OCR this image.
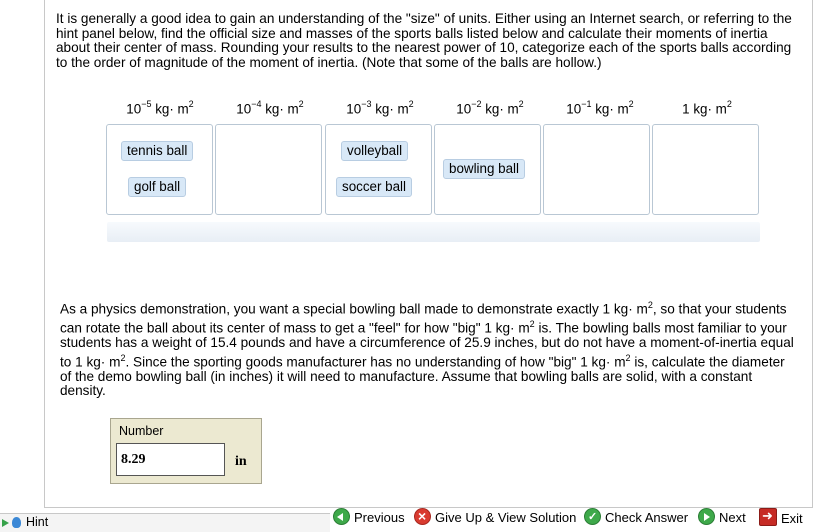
It is generally a good idea to gain an understanding of the "size" of units. Either using an Internet search, or referring to the hint panel below, find the official size and masses of the sports balls listed below and calculate their moments of inertia about their center of mass. Rounding your results to the nearest power of 10, categorize each of the sports balls according to the order of magnitude of the moment of inertia. (Note that some of the balls are hollow.)
$10^{-5}$ $kg\cdot m^2$	$10^{-4}$ $kg\cdot m^2$	$10^{-3}$ $kg\cdot m^2$	$10^{-2}$ $kg\cdot m^2$	$10^{-1}$ $kg\cdot m^2$	1 $kg\cdot m^2$
tennis ball
golf ball
volleyball
soccer ball
bowling ball
As a physics demonstration, you want a special bowling ball made to demonstrate exactly 1 $kg\cdot m^2$, so that your students can rotate the ball about its center of mass to get a "feel" for how "big" 1 $kg\cdot m^2$ is. The bowling balls most familiar to your students has a weight of 15.4 pounds and have a circumference of 25.9 inches, but do not have a moment-of-inertia equal to 1 $kg\cdot m^2$. Since the sporting goods manufacturer has no understanding of how "big" 1 $kg\cdot m^2$ is, calculate the diameter of the demo bowling ball (in inches) it will need to manufacture. Assume that bowling balls are solid, with a constant density.
Number
8.29	in
Hint	Previous ×	Give Up & View Solution ✓	Check Answer	Next ➜	Exit
